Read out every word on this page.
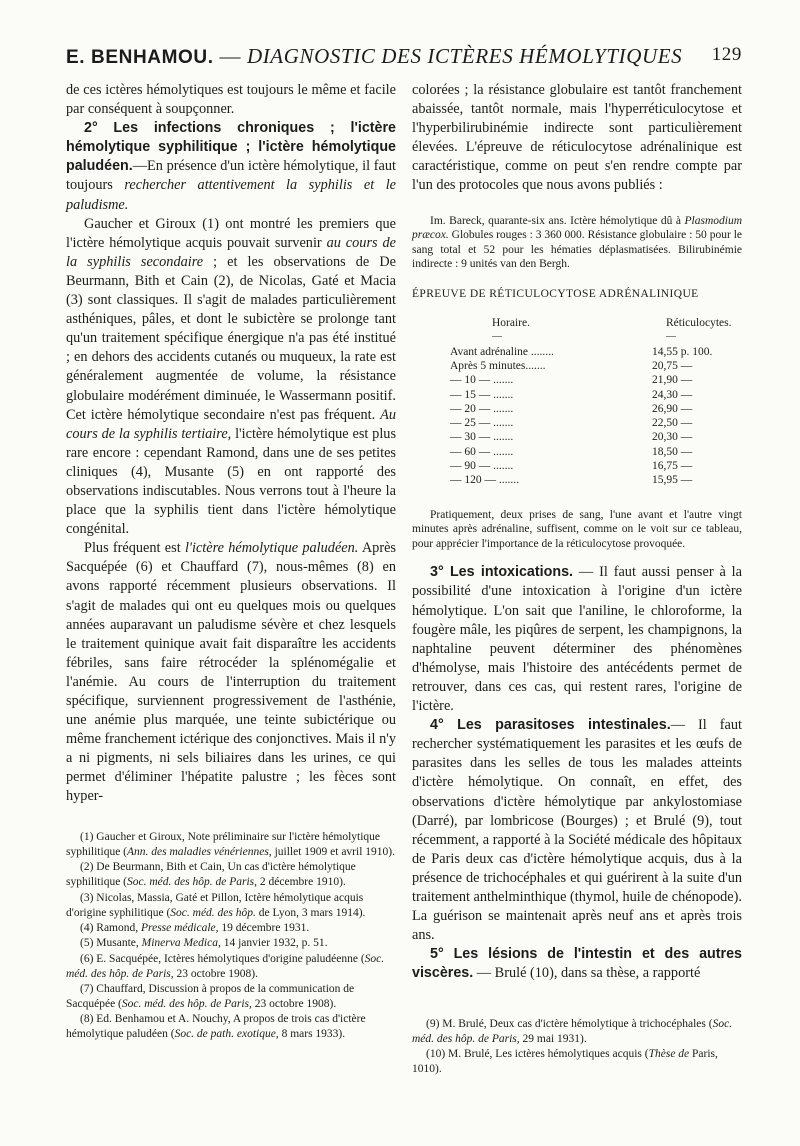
E. BENHAMOU. — DIAGNOSTIC DES ICTÈRES HÉMOLYTIQUES 129

de ces ictères hémolytiques est toujours le même et facile par conséquent à soupçonner.

2° Les infections chroniques ; l'ictère hémolytique syphilitique ; l'ictère hémolytique paludéen.—En présence d'un ictère hémolytique, il faut toujours rechercher attentivement la syphilis et le paludisme.

Gaucher et Giroux (1) ont montré les premiers que l'ictère hémolytique acquis pouvait survenir au cours de la syphilis secondaire ; et les observations de De Beurmann, Bith et Cain (2), de Nicolas, Gaté et Macia (3) sont classiques. Il s'agit de malades particulièrement asthéniques, pâles, et dont le subictère se prolonge tant qu'un traitement spécifique énergique n'a pas été institué ; en dehors des accidents cutanés ou muqueux, la rate est généralement augmentée de volume, la résistance globulaire modérément diminuée, le Wassermann positif. Cet ictère hémolytique secondaire n'est pas fréquent. Au cours de la syphilis tertiaire, l'ictère hémolytique est plus rare encore : cependant Ramond, dans une de ses petites cliniques (4), Musante (5) en ont rapporté des observations indiscutables. Nous verrons tout à l'heure la place que la syphilis tient dans l'ictère hémolytique congénital.

Plus fréquent est l'ictère hémolytique paludéen. Après Sacquépée (6) et Chauffard (7), nous-mêmes (8) en avons rapporté récemment plusieurs observations. Il s'agit de malades qui ont eu quelques mois ou quelques années auparavant un paludisme sévère et chez lesquels le traitement quinique avait fait disparaître les accidents fébriles, sans faire rétrocéder la splénomégalie et l'anémie. Au cours de l'interruption du traitement spécifique, surviennent progressivement de l'asthénie, une anémie plus marquée, une teinte subictérique ou même franchement ictérique des conjonctives. Mais il n'y a ni pigments, ni sels biliaires dans les urines, ce qui permet d'éliminer l'hépatite palustre ; les fèces sont hyper-

(1) Gaucher et Giroux, Note préliminaire sur l'ictère hémolytique syphilitique (Ann. des maladies vénériennes, juillet 1909 et avril 1910).

(2) De Beurmann, Bith et Cain, Un cas d'ictère hémolytique syphilitique (Soc. méd. des hôp. de Paris, 2 décembre 1910).

(3) Nicolas, Massia, Gaté et Pillon, Ictère hémolytique acquis d'origine syphilitique (Soc. méd. des hôp. de Lyon, 3 mars 1914).

(4) Ramond, Presse médicale, 19 décembre 1931.

(5) Musante, Minerva Medica, 14 janvier 1932, p. 51.

(6) E. Sacquépée, Ictères hémolytiques d'origine paludéenne (Soc. méd. des hôp. de Paris, 23 octobre 1908).

(7) Chauffard, Discussion à propos de la communication de Sacquépée (Soc. méd. des hôp. de Paris, 23 octobre 1908).

(8) Ed. Benhamou et A. Nouchy, A propos de trois cas d'ictère hémolytique paludéen (Soc. de path. exotique, 8 mars 1933).

colorées ; la résistance globulaire est tantôt franchement abaissée, tantôt normale, mais l'hyperréticulocytose et l'hyperbilirubinémie indirecte sont particulièrement élevées. L'épreuve de réticulocytose adrénalinique est caractéristique, comme on peut s'en rendre compte par l'un des protocoles que nous avons publiés :

Im. Bareck, quarante-six ans. Ictère hémolytique dû à Plasmodium præcox. Globules rouges : 3 360 000. Résistance globulaire : 50 pour le sang total et 52 pour les hématies déplasmatisées. Bilirubinémie indirecte : 9 unités van den Bergh.

ÉPREUVE DE RÉTICULOCYTOSE ADRÉNALINIQUE

Horaire.	Réticulocytes.
—	—
Avant adrénaline ........	14,55 p. 100.
Après 5 minutes.......	20,75 —
— 10 — .......	21,90 —
— 15 — .......	24,30 —
— 20 — .......	26,90 —
— 25 — .......	22,50 —
— 30 — .......	20,30 —
— 60 — .......	18,50 —
— 90 — .......	16,75 —
— 120 — .......	15,95 —

Pratiquement, deux prises de sang, l'une avant et l'autre vingt minutes après adrénaline, suffisent, comme on le voit sur ce tableau, pour apprécier l'importance de la réticulocytose provoquée.

3° Les intoxications. — Il faut aussi penser à la possibilité d'une intoxication à l'origine d'un ictère hémolytique. L'on sait que l'aniline, le chloroforme, la fougère mâle, les piqûres de serpent, les champignons, la naphtaline peuvent déterminer des phénomènes d'hémolyse, mais l'histoire des antécédents permet de retrouver, dans ces cas, qui restent rares, l'origine de l'ictère.

4° Les parasitoses intestinales.— Il faut rechercher systématiquement les parasites et les œufs de parasites dans les selles de tous les malades atteints d'ictère hémolytique. On connaît, en effet, des observations d'ictère hémolytique par ankylostomiase (Darré), par lombricose (Bourges) ; et Brulé (9), tout récemment, a rapporté à la Société médicale des hôpitaux de Paris deux cas d'ictère hémolytique acquis, dus à la présence de trichocéphales et qui guérirent à la suite d'un traitement anthelminthique (thymol, huile de chénopode). La guérison se maintenait après neuf ans et après trois ans.

5° Les lésions de l'intestin et des autres viscères. — Brulé (10), dans sa thèse, a rapporté

(9) M. Brulé, Deux cas d'ictère hémolytique à trichocéphales (Soc. méd. des hôp. de Paris, 29 mai 1931).

(10) M. Brulé, Les ictères hémolytiques acquis (Thèse de Paris, 1010).
